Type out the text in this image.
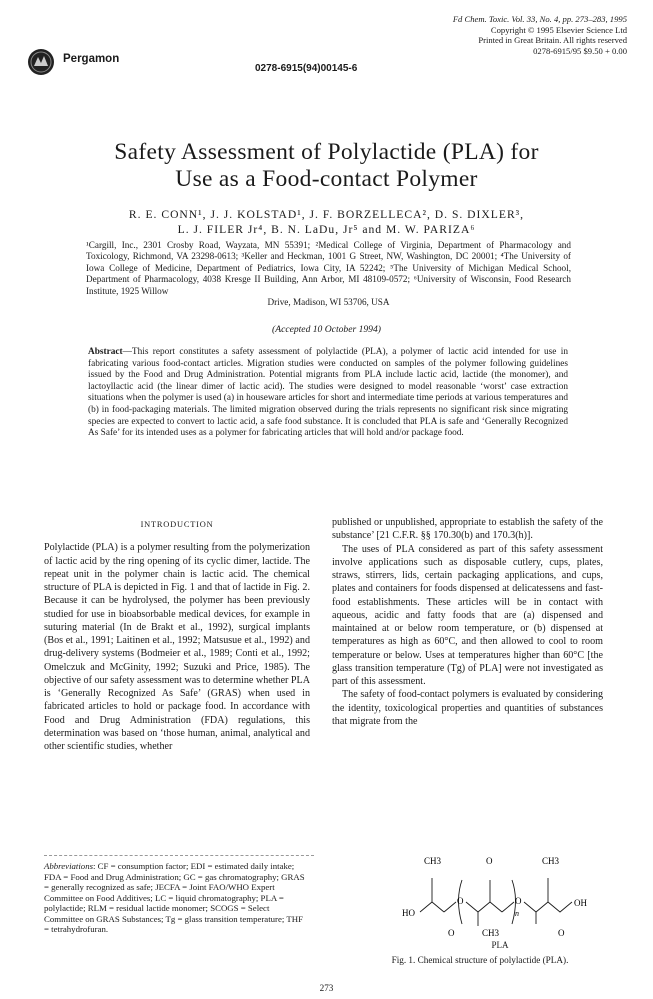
Pergamon
0278-6915(94)00145-6
Fd Chem. Toxic. Vol. 33, No. 4, pp. 273–283, 1995
Copyright © 1995 Elsevier Science Ltd
Printed in Great Britain. All rights reserved
0278-6915/95 $9.50 + 0.00
Safety Assessment of Polylactide (PLA) for
Use as a Food-contact Polymer
R. E. CONN¹, J. J. KOLSTAD¹, J. F. BORZELLECA², D. S. DIXLER³,
L. J. FILER Jr⁴, B. N. LaDu, Jr⁵ and M. W. PARIZA⁶
¹Cargill, Inc., 2301 Crosby Road, Wayzata, MN 55391; ²Medical College of Virginia, Department of Pharmacology and Toxicology, Richmond, VA 23298-0613; ³Keller and Heckman, 1001 G Street, NW, Washington, DC 20001; ⁴The University of Iowa College of Medicine, Department of Pediatrics, Iowa City, IA 52242; ⁵The University of Michigan Medical School, Department of Pharmacology, 4038 Kresge II Building, Ann Arbor, MI 48109-0572; ⁶University of Wisconsin, Food Research Institute, 1925 Willow
Drive, Madison, WI 53706, USA
(Accepted 10 October 1994)
Abstract—This report constitutes a safety assessment of polylactide (PLA), a polymer of lactic acid intended for use in fabricating various food-contact articles. Migration studies were conducted on samples of the polymer following guidelines issued by the Food and Drug Administration. Potential migrants from PLA include lactic acid, lactide (the monomer), and lactoyllactic acid (the linear dimer of lactic acid). The studies were designed to model reasonable ‘worst’ case extraction situations when the polymer is used (a) in houseware articles for short and intermediate time periods at various temperatures and (b) in food-packaging materials. The limited migration observed during the trials represents no significant risk since migrating species are expected to convert to lactic acid, a safe food substance. It is concluded that PLA is safe and ‘Generally Recognized As Safe’ for its intended uses as a polymer for fabricating articles that will hold and/or package food.
INTRODUCTION

Polylactide (PLA) is a polymer resulting from the polymerization of lactic acid by the ring opening of its cyclic dimer, lactide. The repeat unit in the polymer chain is lactic acid. The chemical structure of PLA is depicted in Fig. 1 and that of lactide in Fig. 2. Because it can be hydrolysed, the polymer has been previously studied for use in bioabsorbable medical devices, for example in suturing material (In de Brakt et al., 1992), surgical implants (Bos et al., 1991; Laitinen et al., 1992; Matsusue et al., 1992) and drug-delivery systems (Bodmeier et al., 1989; Conti et al., 1992; Omelczuk and McGinity, 1992; Suzuki and Price, 1985). The objective of our safety assessment was to determine whether PLA is ‘Generally Recognized As Safe’ (GRAS) when used in fabricated articles to hold or package food. In accordance with Food and Drug Administration (FDA) regulations, this determination was based on ‘those human, animal, analytical and other scientific studies, whether

published or unpublished, appropriate to establish the safety of the substance’ [21 C.F.R. §§ 170.30(b) and 170.3(h)].

The uses of PLA considered as part of this safety assessment involve applications such as disposable cutlery, cups, plates, straws, stirrers, lids, certain packaging applications, and cups, plates and containers for foods dispensed at delicatessens and fast-food establishments. These articles will be in contact with aqueous, acidic and fatty foods that are (a) dispensed and maintained at or below room temperature, or (b) dispensed at temperatures as high as 60°C, and then allowed to cool to room temperature or below. Uses at temperatures higher than 60°C [the glass transition temperature (Tg) of PLA] were not investigated as part of this assessment.

The safety of food-contact polymers is evaluated by considering the identity, toxicological properties and quantities of substances that migrate from the

Abbreviations: CF = consumption factor; EDI = estimated daily intake; FDA = Food and Drug Administration; GC = gas chromatography; GRAS = generally recognized as safe; JECFA = Joint FAO/WHO Expert Committee on Food Additives; LC = liquid chromatography; PLA = polylactide; RLM = residual lactide monomer; SCOGS = Select Committee on GRAS Substances; Tg = glass transition temperature; THF = tetrahydrofuran.
CH3	O	CH3
O	O
HO
OH
n
O	CH3	O
PLA
Fig. 1. Chemical structure of polylactide (PLA).
273
